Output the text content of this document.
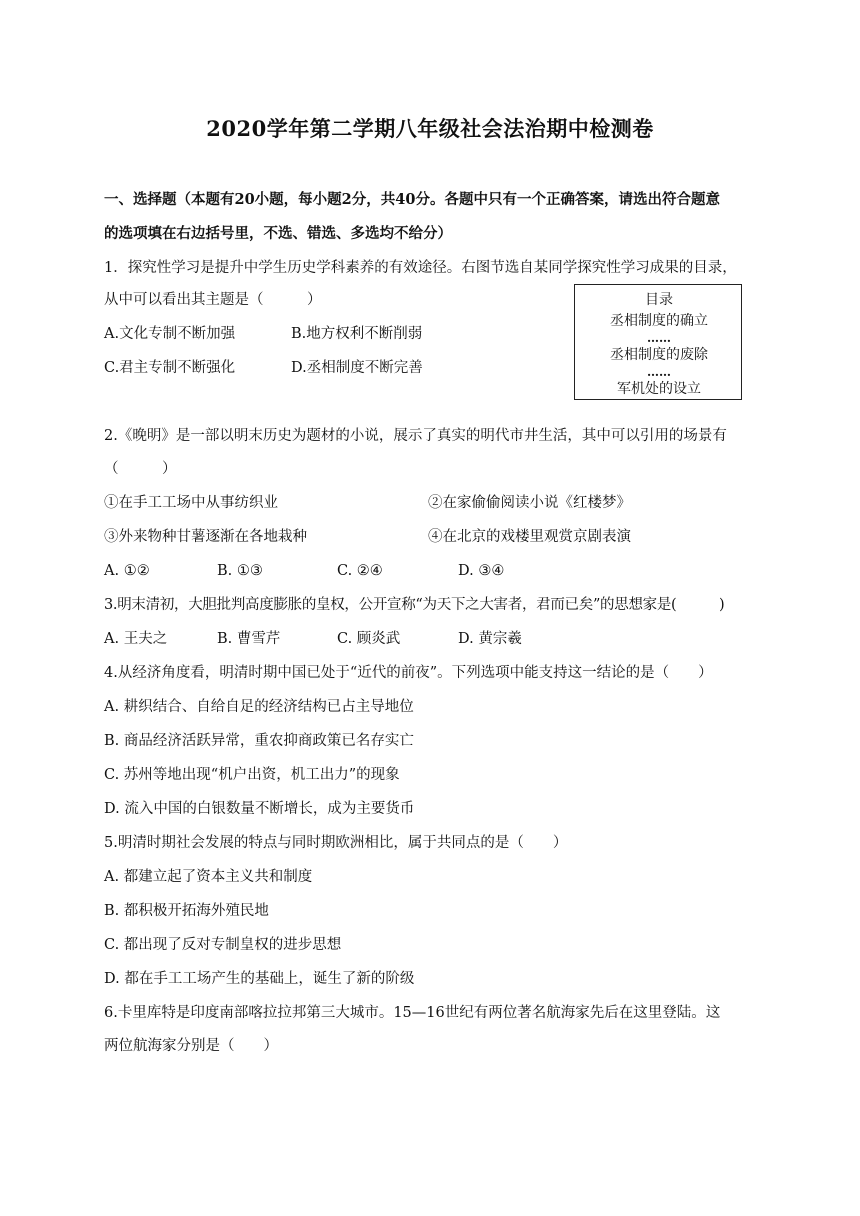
2020学年第二学期八年级社会法治期中检测卷
一、选择题（本题有20小题，每小题2分，共40分。各题中只有一个正确答案，请选出符合题意
的选项填在右边括号里，不选、错选、多选均不给分）
1．探究性学习是提升中学生历史学科素养的有效途径。右图节选自某同学探究性学习成果的目录，
从中可以看出其主题是（　　　）
A.文化专制不断加强	B.地方权利不断削弱
C.君主专制不断强化	D.丞相制度不断完善
目录
丞相制度的确立
……
丞相制度的废除
……
军机处的设立
2.《晚明》是一部以明末历史为题材的小说，展示了真实的明代市井生活，其中可以引用的场景有
（　　　）
①在手工工场中从事纺织业	②在家偷偷阅读小说《红楼梦》
③外来物种甘薯逐渐在各地栽种	④在北京的戏楼里观赏京剧表演
A. ①②	B. ①③	C. ②④	D. ③④
3.明末清初，大胆批判高度膨胀的皇权，公开宣称“为天下之大害者，君而已矣”的思想家是(　　　)
A. 王夫之	B. 曹雪芹	C. 顾炎武	D. 黄宗羲
4.从经济角度看，明清时期中国已处于“近代的前夜”。下列选项中能支持这一结论的是（　　）
A. 耕织结合、自给自足的经济结构已占主导地位
B. 商品经济活跃异常，重农抑商政策已名存实亡
C. 苏州等地出现“机户出资，机工出力”的现象
D. 流入中国的白银数量不断增长，成为主要货币
5.明清时期社会发展的特点与同时期欧洲相比，属于共同点的是（　　）
A. 都建立起了资本主义共和制度
B. 都积极开拓海外殖民地
C. 都出现了反对专制皇权的进步思想
D. 都在手工工场产生的基础上，诞生了新的阶级
6.卡里库特是印度南部喀拉拉邦第三大城市。15—16世纪有两位著名航海家先后在这里登陆。这
两位航海家分别是（　　）
